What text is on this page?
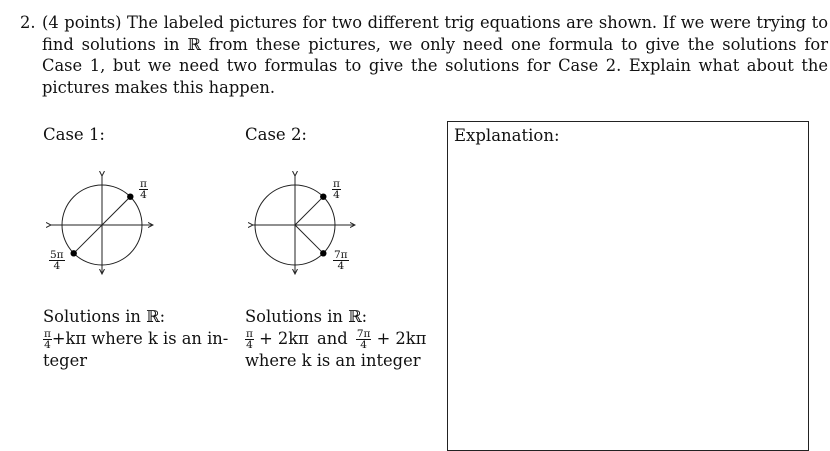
2. (4 points) The labeled pictures for two different trig equations are shown. If we were trying to find solutions in ℝ from these pictures, we only need one formula to give the solutions for Case 1, but we need two formulas to give the solutions for Case 2. Explain what about the pictures makes this happen.
Case 1:
$\frac{\pi}{4}$
$\frac{5\pi}{4}$
Solutions in ℝ:
$\frac{\pi}{4} +k\pi$ where k is an in-
teger
Case 2:
$\frac{\pi}{4}$
$\frac{7\pi}{4}$
Solutions in ℝ:
$\frac{\pi}{4} + 2k\pi$ and $\frac{7\pi}{4} + 2k\pi$
where k is an integer
Explanation:
